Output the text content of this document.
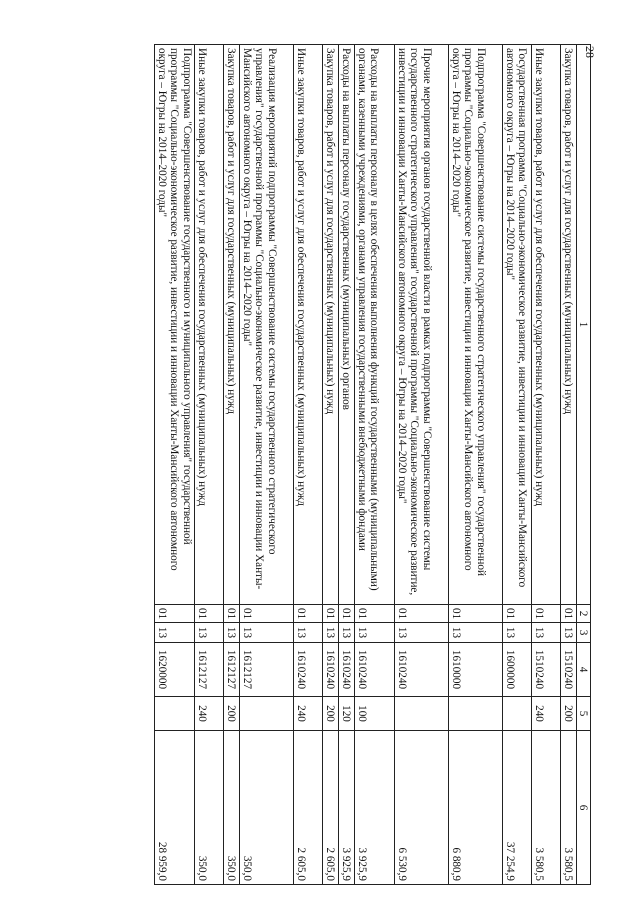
28
1	2	3	4	5	6
Закупка товаров, работ и услуг для государственных (муниципальных) нужд	01	13	1510240	200	3 580,5
Иные закупки товаров, работ и услуг для обеспечения государственных (муниципальных) нужд	01	13	1510240	240	3 580,5
Государственная программа "Социально-экономическое развитие, инвестиции и инновации Ханты-Мансийского автономного округа – Югры на 2014–2020 годы"	01	13	1600000		37 254,9
Подпрограмма "Совершенствование системы государственного стратегического управления" государственной программы "Социально-экономическое развитие, инвестиции и инновации Ханты-Мансийского автономного округа – Югры на 2014–2020 годы"	01	13	1610000		6 880,9
Прочие мероприятия органов государственной власти в рамках подпрограммы "Совершенствование системы государственного стратегического управления" государственной программы "Социально-экономическое развитие, инвестиции и инновации Ханты-Мансийского автономного округа – Югры на 2014–2020 годы"	01	13	1610240		6 530,9
Расходы на выплаты персоналу в целях обеспечения выполнения функций государственными (муниципальными) органами, казенными учреждениями, органами управления государственными внебюджетными фондами	01	13	1610240	100	3 925,9
Расходы на выплаты персоналу государственных (муниципальных) органов	01	13	1610240	120	3 925,9
Закупка товаров, работ и услуг для государственных (муниципальных) нужд	01	13	1610240	200	2 605,0
Иные закупки товаров, работ и услуг для обеспечения государственных (муниципальных) нужд	01	13	1610240	240	2 605,0
Реализация мероприятий подпрограммы "Совершенствование системы государственного стратегического управления" государственной программы "Социально-экономическое развитие, инвестиции и инновации Ханты-Мансийского автономного округа – Югры на 2014–2020 годы"	01	13	1612127		350,0
Закупка товаров, работ и услуг для государственных (муниципальных) нужд	01	13	1612127	200	350,0
Иные закупки товаров, работ и услуг для обеспечения государственных (муниципальных) нужд	01	13	1612127	240	350,0
Подпрограмма "Совершенствование государственного и муниципального управления" государственной программы "Социально-экономическое развитие, инвестиции и инновации Ханты-Мансийского автономного округа – Югры на 2014–2020 годы"	01	13	1620000		28 959,0
